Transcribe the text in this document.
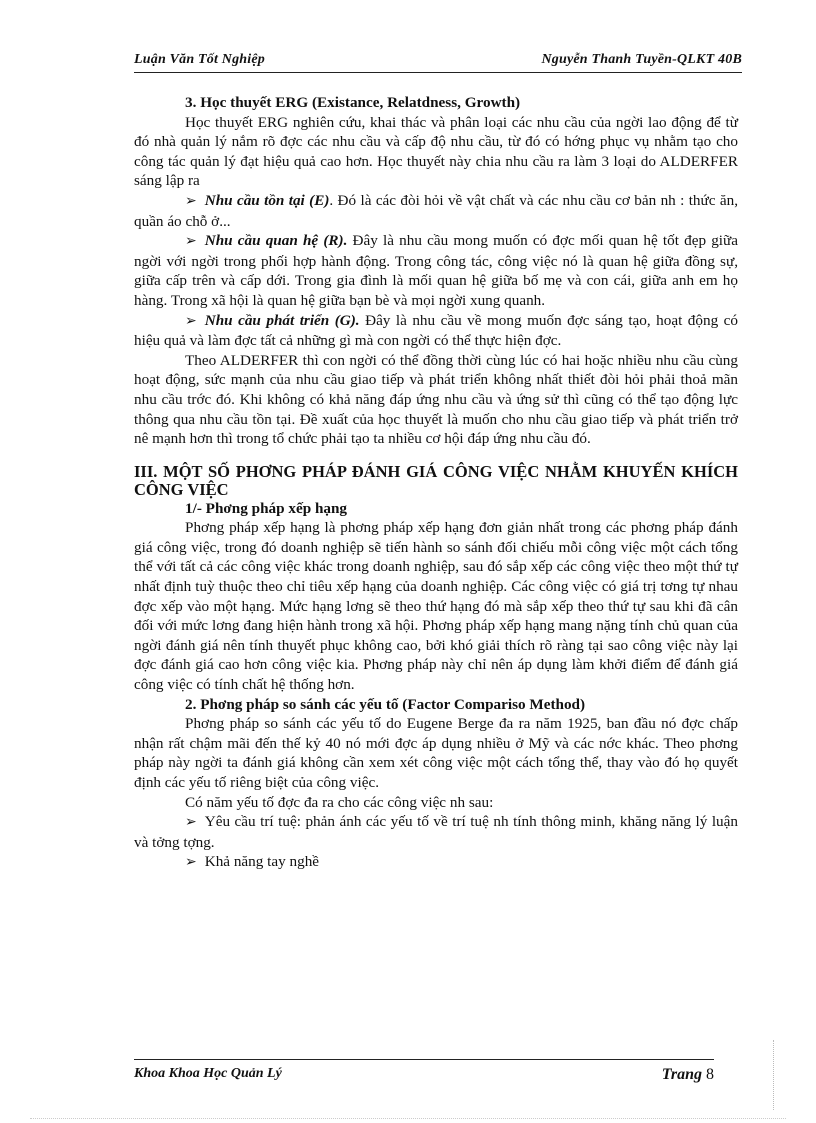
Luận Văn Tốt Nghiệp	Nguyễn Thanh Tuyền-QLKT 40B

3. Học thuyết ERG (Existance, Relatdness, Growth)

Học thuyết ERG nghiên cứu, khai thác và phân loại các nhu cầu của ngời lao động để từ đó nhà quản lý nắm rõ đợc các nhu cầu và cấp độ nhu cầu, từ đó có hớng phục vụ nhằm tạo cho công tác quản lý đạt hiệu quả cao hơn. Học thuyết này chia nhu cầu ra làm 3 loại do ALDERFER sáng lập ra

➢ Nhu cầu tồn tại (E). Đó là các đòi hỏi về vật chất và các nhu cầu cơ bản nh : thức ăn, quần áo chỗ ở...

➢ Nhu cầu quan hệ (R). Đây là nhu cầu mong muốn có đợc mối quan hệ tốt đẹp giữa ngời với ngời trong phối hợp hành động. Trong công tác, công việc nó là quan hệ giữa đồng sự, giữa cấp trên và cấp dới. Trong gia đình là mối quan hệ giữa bố mẹ và con cái, giữa anh em họ hàng. Trong xã hội là quan hệ giữa bạn bè và mọi ngời xung quanh.

➢ Nhu cầu phát triển (G). Đây là nhu cầu về mong muốn đợc sáng tạo, hoạt động có hiệu quả và làm đợc tất cả những gì mà con ngời có thể thực hiện đợc.

Theo ALDERFER thì con ngời có thể đồng thời cùng lúc có hai hoặc nhiều nhu cầu cùng hoạt động, sức mạnh của nhu cầu giao tiếp và phát triển không nhất thiết đòi hỏi phải thoả mãn nhu cầu trớc đó. Khi không có khả năng đáp ứng nhu cầu và ứng sử thì cũng có thể tạo động lực thông qua nhu cầu tồn tại. Đề xuất của học thuyết là muốn cho nhu cầu giao tiếp và phát triển trở nê mạnh hơn thì trong tổ chức phải tạo ta nhiều cơ hội đáp ứng nhu cầu đó.

III. MỘT SỐ PHƠNG PHÁP ĐÁNH GIÁ CÔNG VIỆC NHẰM KHUYẾN KHÍCH CÔNG VIỆC

1/- Phơng pháp xếp hạng

Phơng pháp xếp hạng là phơng pháp xếp hạng đơn giản nhất trong các phơng pháp đánh giá công việc, trong đó doanh nghiệp sẽ tiến hành so sánh đối chiếu mỗi công việc một cách tổng thể với tất cả các công việc khác trong doanh nghiệp, sau đó sắp xếp các công việc theo một thứ tự nhất định tuỳ thuộc theo chỉ tiêu xếp hạng của doanh nghiệp. Các công việc có giá trị tơng tự nhau đợc xếp vào một hạng. Mức hạng lơng sẽ theo thứ hạng đó mà sắp xếp theo thứ tự sau khi đã cân đối với mức lơng đang hiện hành trong xã hội. Phơng pháp xếp hạng mang nặng tính chủ quan của ngời đánh giá nên tính thuyết phục không cao, bởi khó giải thích rõ ràng tại sao công việc này lại đợc đánh giá cao hơn công việc kia. Phơng pháp này chỉ nên áp dụng làm khởi điểm để đánh giá công việc có tính chất hệ thống hơn.

2. Phơng pháp so sánh các yếu tố (Factor Compariso Method)

Phơng pháp so sánh các yếu tố do Eugene Berge đa ra năm 1925, ban đầu nó đợc chấp nhận rất chậm mãi đến thế kỷ 40 nó mới đợc áp dụng nhiều ở Mỹ và các nớc khác. Theo phơng pháp này ngời ta đánh giá không cần xem xét công việc một cách tổng thể, thay vào đó họ quyết định các yếu tố riêng biệt của công việc.

Có năm yếu tố đợc đa ra cho các công việc nh sau:

➢ Yêu cầu trí tuệ: phản ánh các yếu tố về trí tuệ nh tính thông minh, khăng năng lý luận và tởng tợng.

➢ Khả năng tay nghề

Khoa Khoa Học Quản Lý	Trang 8
